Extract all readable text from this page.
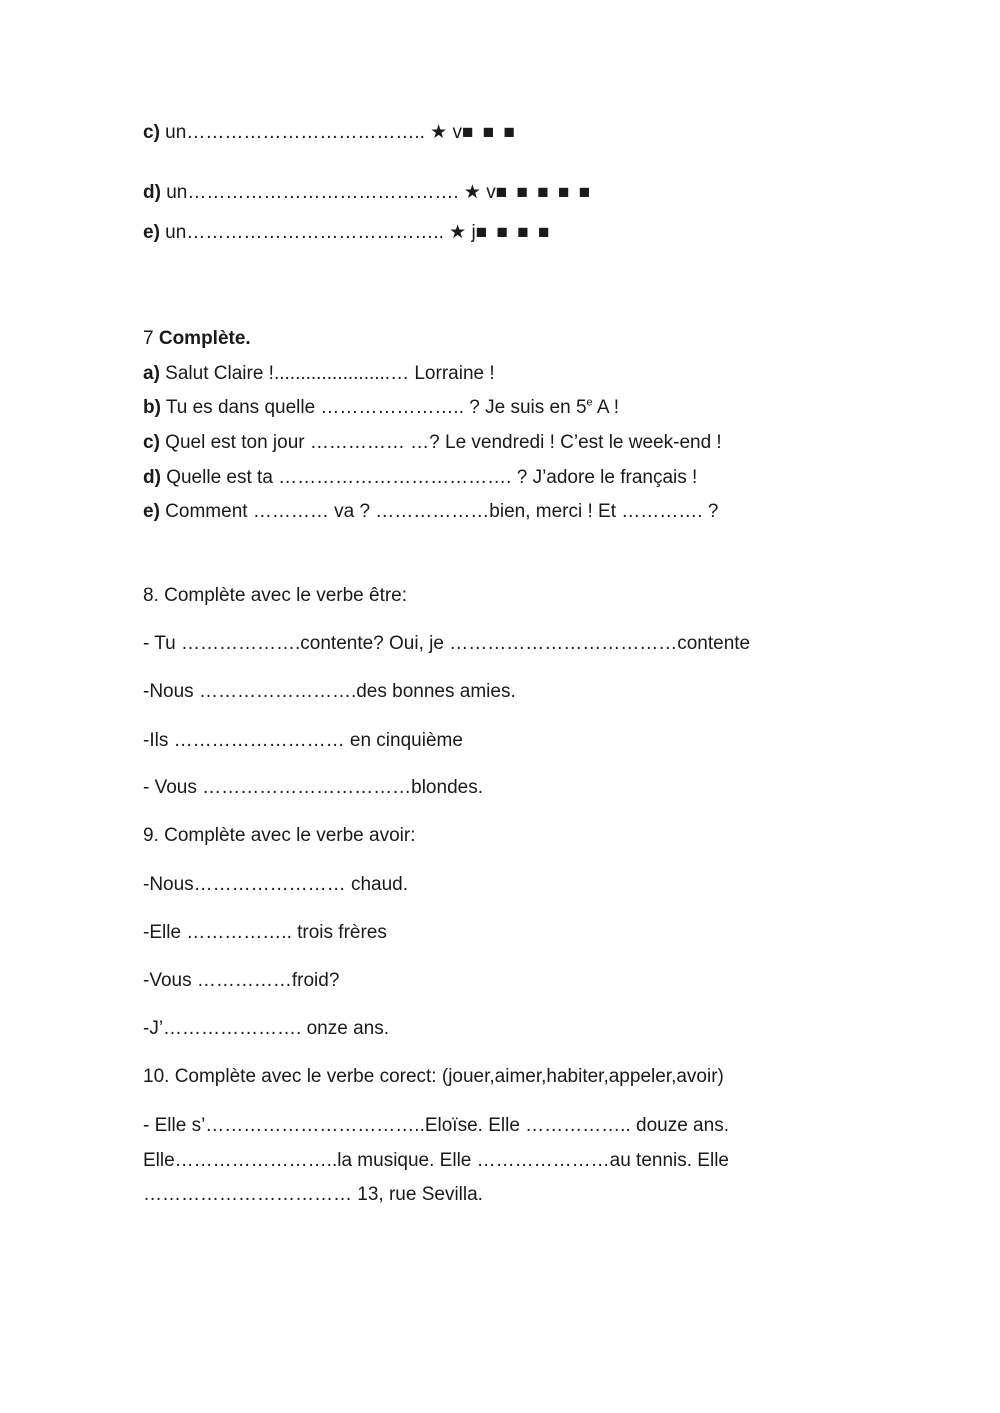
c) un……………………………….. ★ v■ ■ ■
d) un……………………………………. ★ v■ ■ ■ ■ ■
e) un………………………………….. ★ j■ ■ ■ ■
7 Complète.
a) Salut Claire !......................… Lorraine !
b) Tu es dans quelle ………………….. ? Je suis en 5e A !
c) Quel est ton jour …………… …? Le vendredi ! C’est le week-end !
d) Quelle est ta ………………………………. ? J’adore le français !
e) Comment ………… va ? ………………bien, merci ! Et …………. ?
8. Complète avec le verbe être:
- Tu ……………….contente? Oui, je ………………………………contente
-Nous …………………….des bonnes amies.
-Ils ……………………… en cinquième
- Vous ……………………………blondes.
9. Complète avec le verbe avoir:
-Nous…………………… chaud.
-Elle …………….. trois frères
-Vous ……………froid?
-J’…………………. onze ans.
10. Complète avec le verbe corect: (jouer,aimer,habiter,appeler,avoir)
- Elle s’……………………………..Eloïse. Elle …………….. douze ans.
Elle……………………..la musique. Elle …………………au tennis. Elle
…………………………… 13, rue Sevilla.
